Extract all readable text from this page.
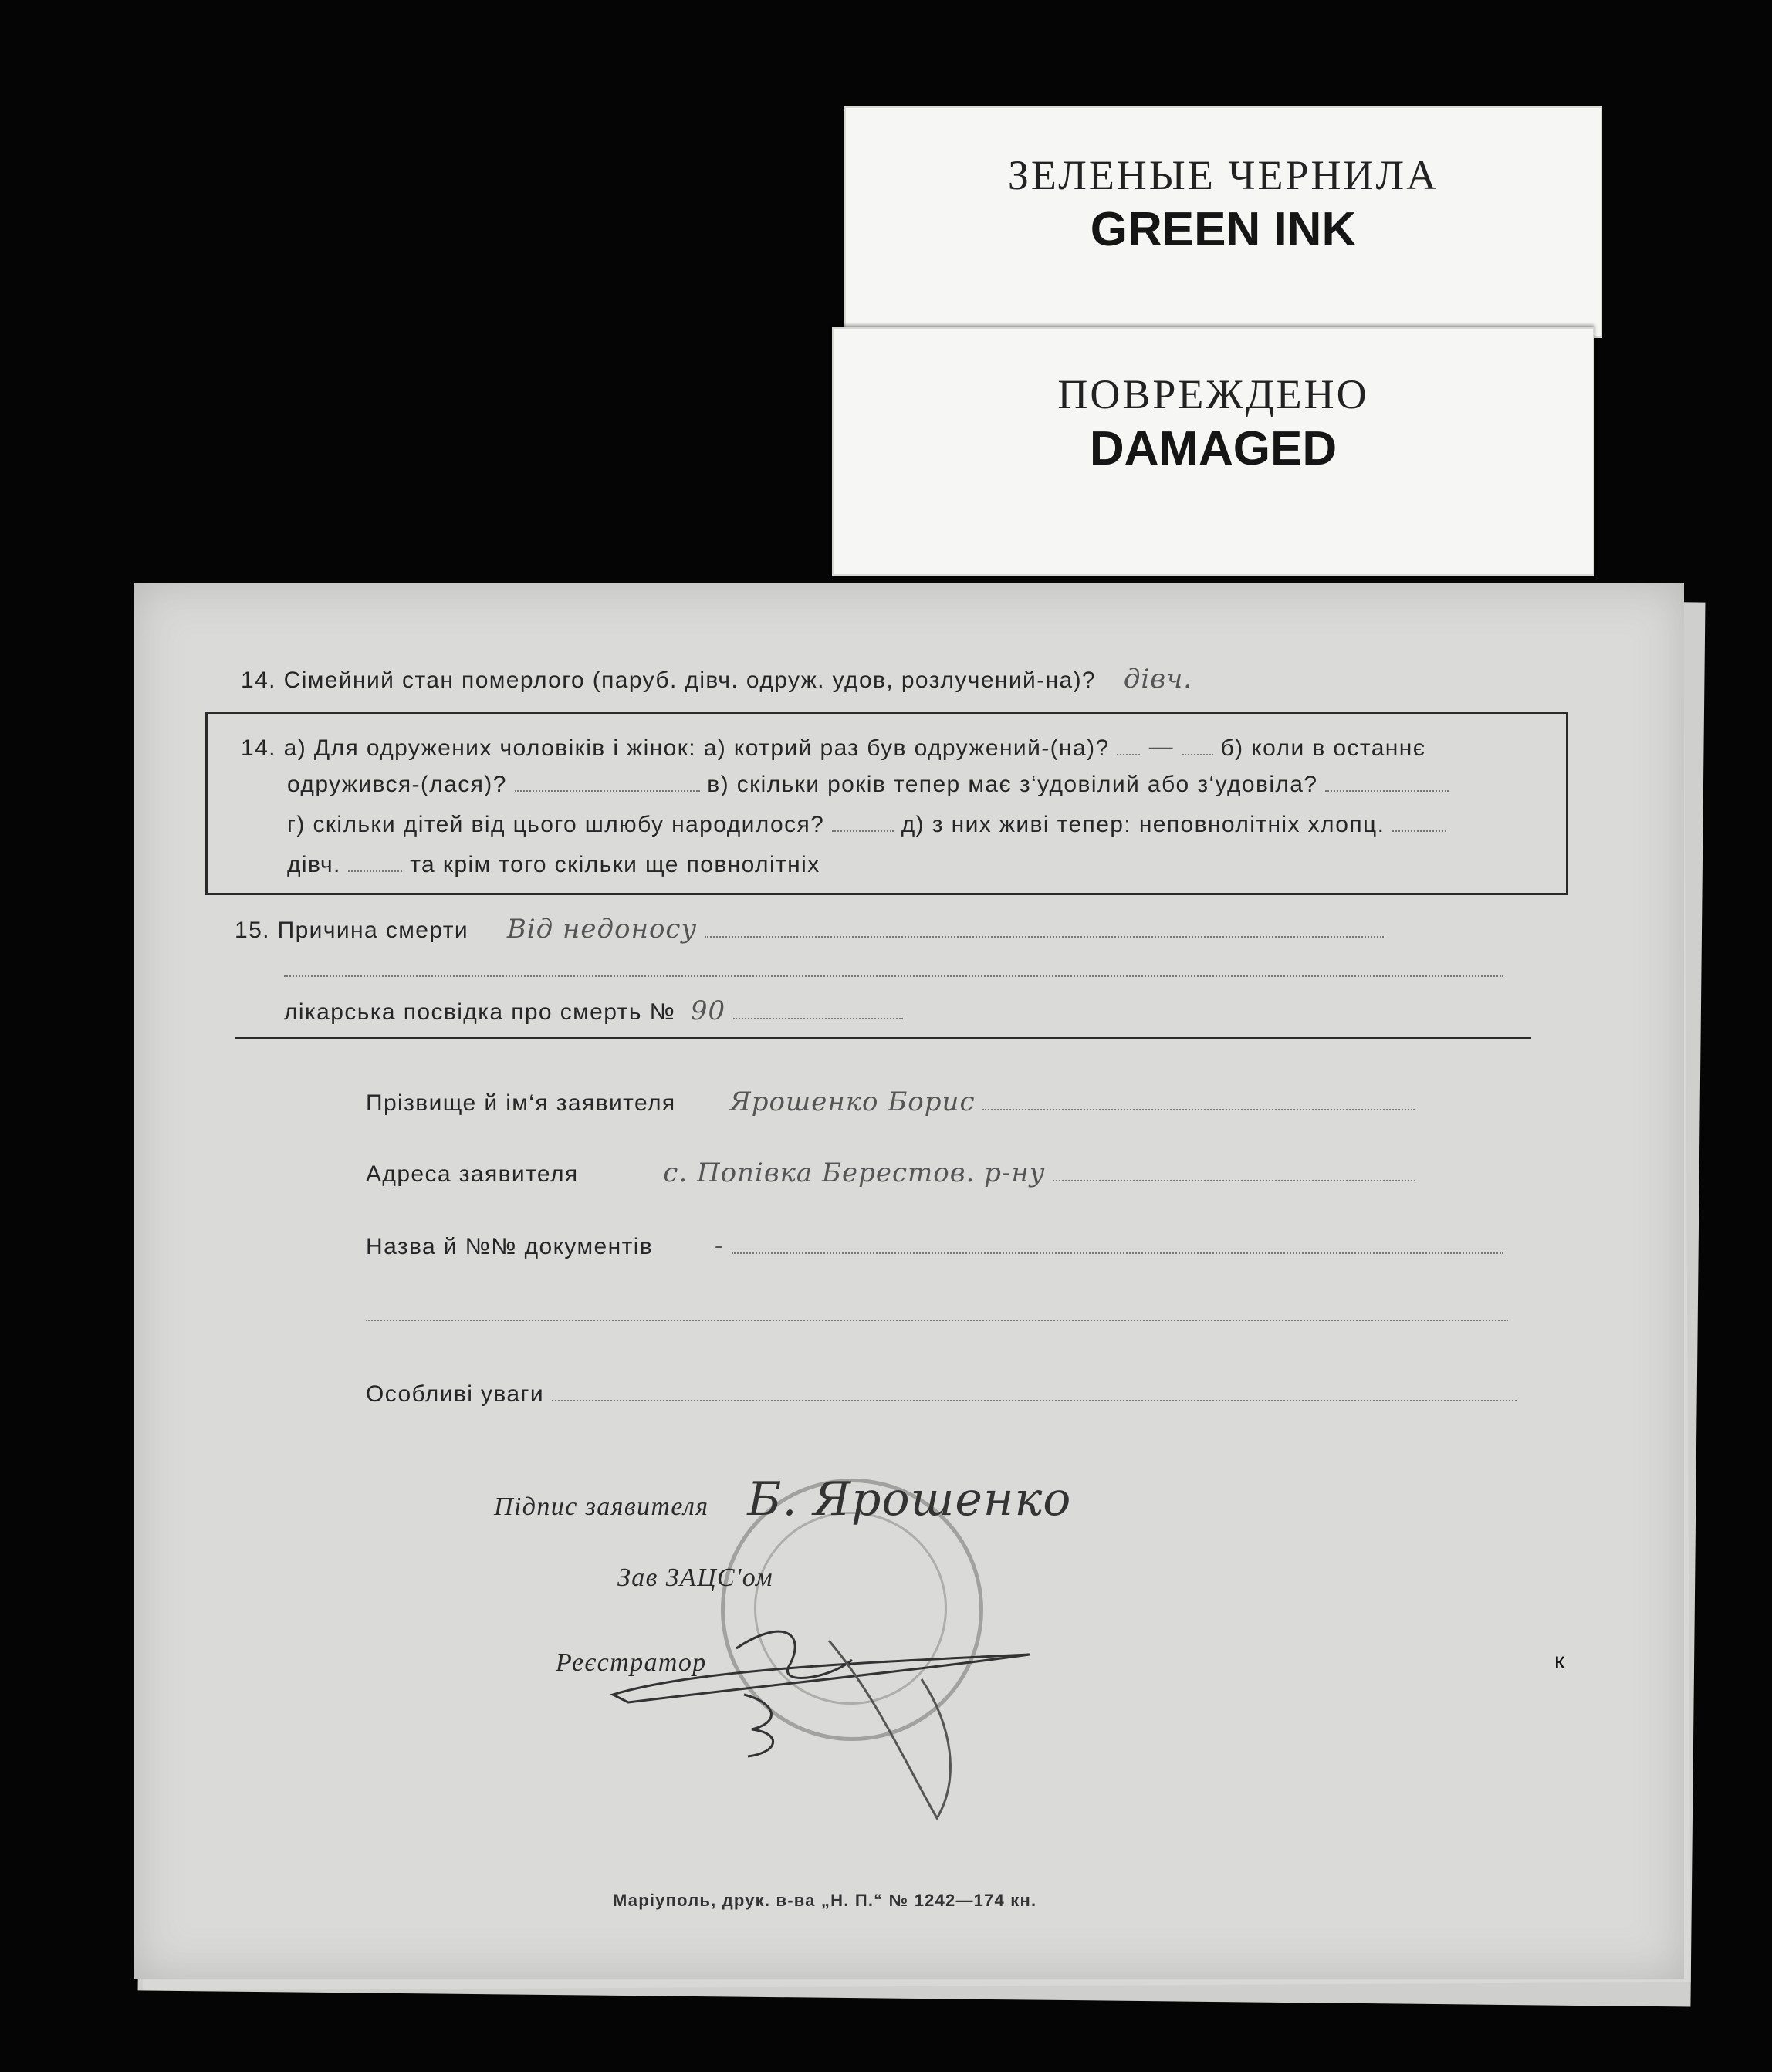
ЗЕЛЕНЫЕ ЧЕРНИЛА
GREEN INK
ПОВРЕЖДЕНО
DAMAGED
14. Сімейний стан померлого (паруб. дівч. одруж. удов, розлучений-на)? дівч.
14. а) Для одружених чоловіків і жінок: а) котрий раз був одружений-(на)? — б) коли в останнє
одружився-(лася)?	в) скільки років тепер має з‘удовілий або з‘удовіла?
г) скільки дітей від цього шлюбу народилося?	д) з них живі тепер: неповнолітніх хлопц.
дівч.	та крім того скільки ще повнолітніх
15. Причина смерти Від недоносу
лікарська посвідка про смерть № 90
Прізвище й ім‘я заявителя Ярошенко Борис
Адреса заявителя	с. Попівка Берестов. р-ну
Назва й №№ документів -
Особливі уваги
Підпис заявителя Б. Ярошенко
Зав ЗАЦС'ом
Реєстратор	к
Маріуполь, друк. в-ва „Н. П.“ № 1242—174 кн.
